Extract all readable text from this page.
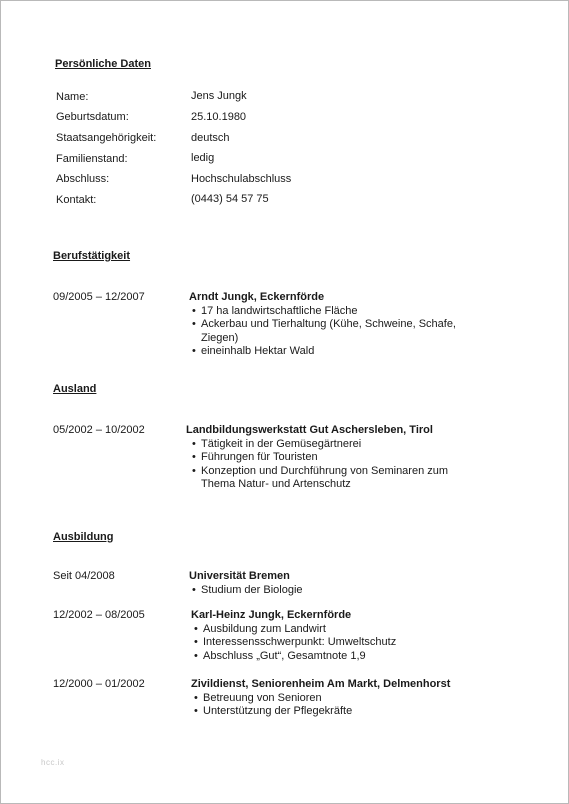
Persönliche Daten
Name:	Jens Jungk
Geburtsdatum:	25.10.1980
Staatsangehörigkeit:	deutsch
Familienstand:	ledig
Abschluss:	Hochschulabschluss
Kontakt:	(0443) 54 57 75
Berufstätigkeit
09/2005 – 12/2007	Arndt Jungk, Eckernförde
• 17 ha landwirtschaftliche Fläche
• Ackerbau und Tierhaltung (Kühe, Schweine, Schafe, Ziegen)
• eineinhalb Hektar Wald
Ausland
05/2002 – 10/2002	Landbildungswerkstatt Gut Aschersleben, Tirol
• Tätigkeit in der Gemüsegärtnerei
• Führungen für Touristen
• Konzeption und Durchführung von Seminaren zum Thema Natur- und Artenschutz
Ausbildung
Seit 04/2008	Universität Bremen
• Studium der Biologie
12/2002 – 08/2005	Karl-Heinz Jungk, Eckernförde
• Ausbildung zum Landwirt
• Interessensschwerpunkt: Umweltschutz
• Abschluss „Gut“, Gesamtnote 1,9
12/2000 – 01/2002	Zivildienst, Seniorenheim Am Markt, Delmenhorst
• Betreuung von Senioren
• Unterstützung der Pflegekräfte
hcc.ix
